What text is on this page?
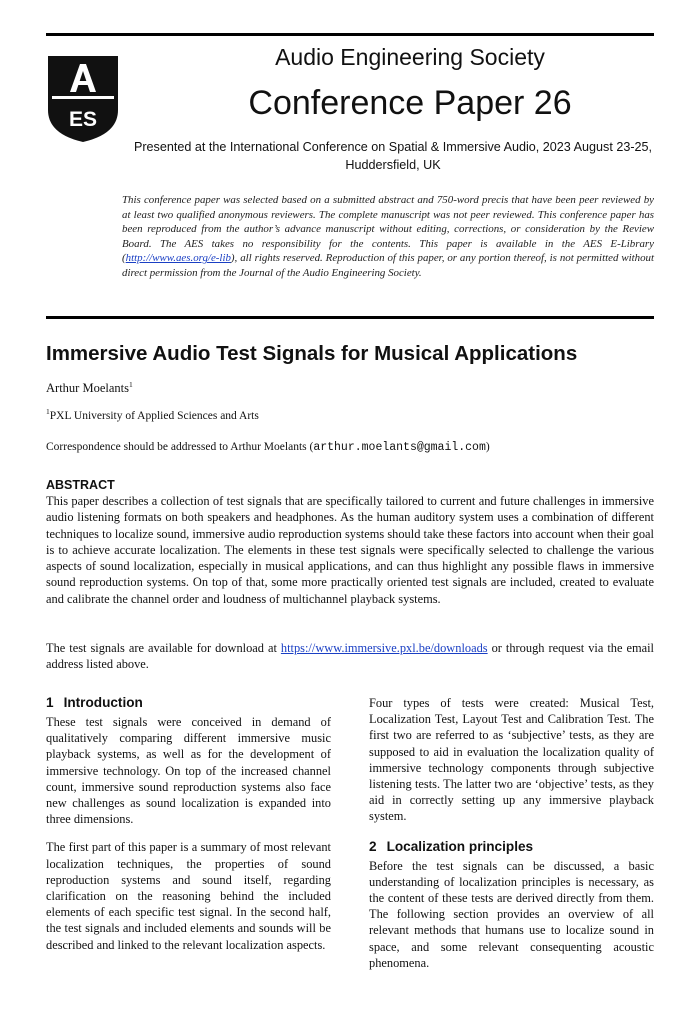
ES
Audio Engineering Society
Conference Paper 26
Presented at the International Conference on Spatial & Immersive Audio, 2023 August 23-25, Huddersfield, UK
This conference paper was selected based on a submitted abstract and 750-word precis that have been peer reviewed by at least two qualified anonymous reviewers. The complete manuscript was not peer reviewed. This conference paper has been reproduced from the author’s advance manuscript without editing, corrections, or consideration by the Review Board. The AES takes no responsibility for the contents. This paper is available in the AES E-Library (http://www.aes.org/e-lib), all rights reserved. Reproduction of this paper, or any portion thereof, is not permitted without direct permission from the Journal of the Audio Engineering Society.
Immersive Audio Test Signals for Musical Applications
Arthur Moelants$^1$
$^1$PXL University of Applied Sciences and Arts
Correspondence should be addressed to Arthur Moelants (arthur.moelants@gmail.com)
ABSTRACT
This paper describes a collection of test signals that are specifically tailored to current and future challenges in immersive audio listening formats on both speakers and headphones. As the human auditory system uses a combination of different techniques to localize sound, immersive audio reproduction systems should take these factors into account when their goal is to achieve accurate localization. The elements in these test signals were specifically selected to challenge the various aspects of sound localization, especially in musical applications, and can thus highlight any possible flaws in immersive sound reproduction systems. On top of that, some more practically oriented test signals are included, created to evaluate and calibrate the channel order and loudness of multichannel playback systems.
The test signals are available for download at https://www.immersive.pxl.be/downloads or through request via the email address listed above.
1 Introduction

These test signals were conceived in demand of qualitatively comparing different immersive music playback systems, as well as for the development of immersive technology. On top of the increased channel count, immersive sound reproduction systems also face new challenges as sound localization is expanded into three dimensions.

The first part of this paper is a summary of most relevant localization techniques, the properties of sound reproduction systems and sound itself, regarding clarification on the reasoning behind the included elements of each specific test signal. In the second half, the test signals and included elements and sounds will be described and linked to the relevant localization aspects.

Four types of tests were created: Musical Test, Localization Test, Layout Test and Calibration Test. The first two are referred to as ‘subjective’ tests, as they are supposed to aid in evaluation the localization quality of immersive technology components through subjective listening tests. The latter two are ‘objective’ tests, as they aid in correctly setting up any immersive playback system.

2 Localization principles

Before the test signals can be discussed, a basic understanding of localization principles is necessary, as the content of these tests are derived directly from them. The following section provides an overview of all relevant methods that humans use to localize sound in space, and some relevant consequenting acoustic phenomena.
